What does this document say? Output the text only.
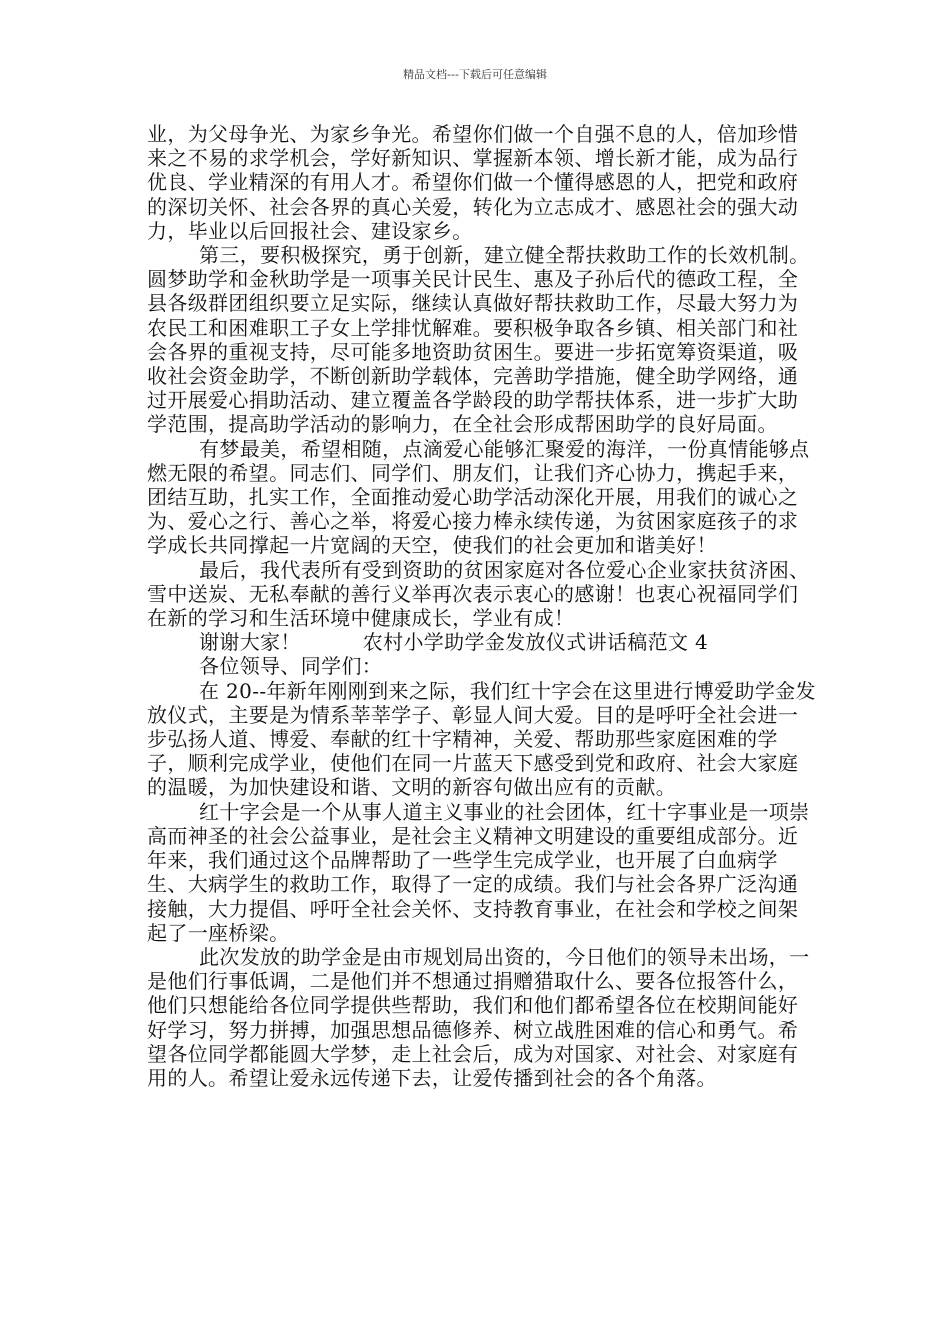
精品文档---下载后可任意编辑

业，为父母争光、为家乡争光。希望你们做一个自强不息的人，倍加珍惜来之不易的求学机会，学好新知识、掌握新本领、增长新才能，成为品行优良、学业精深的有用人才。希望你们做一个懂得感恩的人，把党和政府的深切关怀、社会各界的真心关爱，转化为立志成才、感恩社会的强大动力，毕业以后回报社会、建设家乡。

第三，要积极探究，勇于创新，建立健全帮扶救助工作的长效机制。圆梦助学和金秋助学是一项事关民计民生、惠及子孙后代的德政工程，全县各级群团组织要立足实际，继续认真做好帮扶救助工作，尽最大努力为农民工和困难职工子女上学排忧解难。要积极争取各乡镇、相关部门和社会各界的重视支持，尽可能多地资助贫困生。要进一步拓宽筹资渠道，吸收社会资金助学，不断创新助学载体，完善助学措施，健全助学网络，通过开展爱心捐助活动、建立覆盖各学龄段的助学帮扶体系，进一步扩大助学范围，提高助学活动的影响力，在全社会形成帮困助学的良好局面。

有梦最美，希望相随，点滴爱心能够汇聚爱的海洋，一份真情能够点燃无限的希望。同志们、同学们、朋友们，让我们齐心协力，携起手来，团结互助，扎实工作，全面推动爱心助学活动深化开展，用我们的诚心之为、爱心之行、善心之举，将爱心接力棒永续传递，为贫困家庭孩子的求学成长共同撑起一片宽阔的天空，使我们的社会更加和谐美好！

最后，我代表所有受到资助的贫困家庭对各位爱心企业家扶贫济困、雪中送炭、无私奉献的善行义举再次表示衷心的感谢！也衷心祝福同学们在新的学习和生活环境中健康成长，学业有成！

谢谢大家！	农村小学助学金发放仪式讲话稿范文 4

各位领导、同学们：

在 20--年新年刚刚到来之际，我们红十字会在这里进行博爱助学金发放仪式，主要是为情系莘莘学子、彰显人间大爱。目的是呼吁全社会进一步弘扬人道、博爱、奉献的红十字精神，关爱、帮助那些家庭困难的学子，顺利完成学业，使他们在同一片蓝天下感受到党和政府、社会大家庭的温暖，为加快建设和谐、文明的新容句做出应有的贡献。

红十字会是一个从事人道主义事业的社会团体，红十字事业是一项崇高而神圣的社会公益事业，是社会主义精神文明建设的重要组成部分。近年来，我们通过这个品牌帮助了一些学生完成学业，也开展了白血病学生、大病学生的救助工作，取得了一定的成绩。我们与社会各界广泛沟通接触，大力提倡、呼吁全社会关怀、支持教育事业，在社会和学校之间架起了一座桥梁。

此次发放的助学金是由市规划局出资的，今日他们的领导未出场，一是他们行事低调，二是他们并不想通过捐赠猎取什么、要各位报答什么，他们只想能给各位同学提供些帮助，我们和他们都希望各位在校期间能好好学习，努力拼搏，加强思想品德修养、树立战胜困难的信心和勇气。希望各位同学都能圆大学梦，走上社会后，成为对国家、对社会、对家庭有用的人。希望让爱永远传递下去，让爱传播到社会的各个角落。
